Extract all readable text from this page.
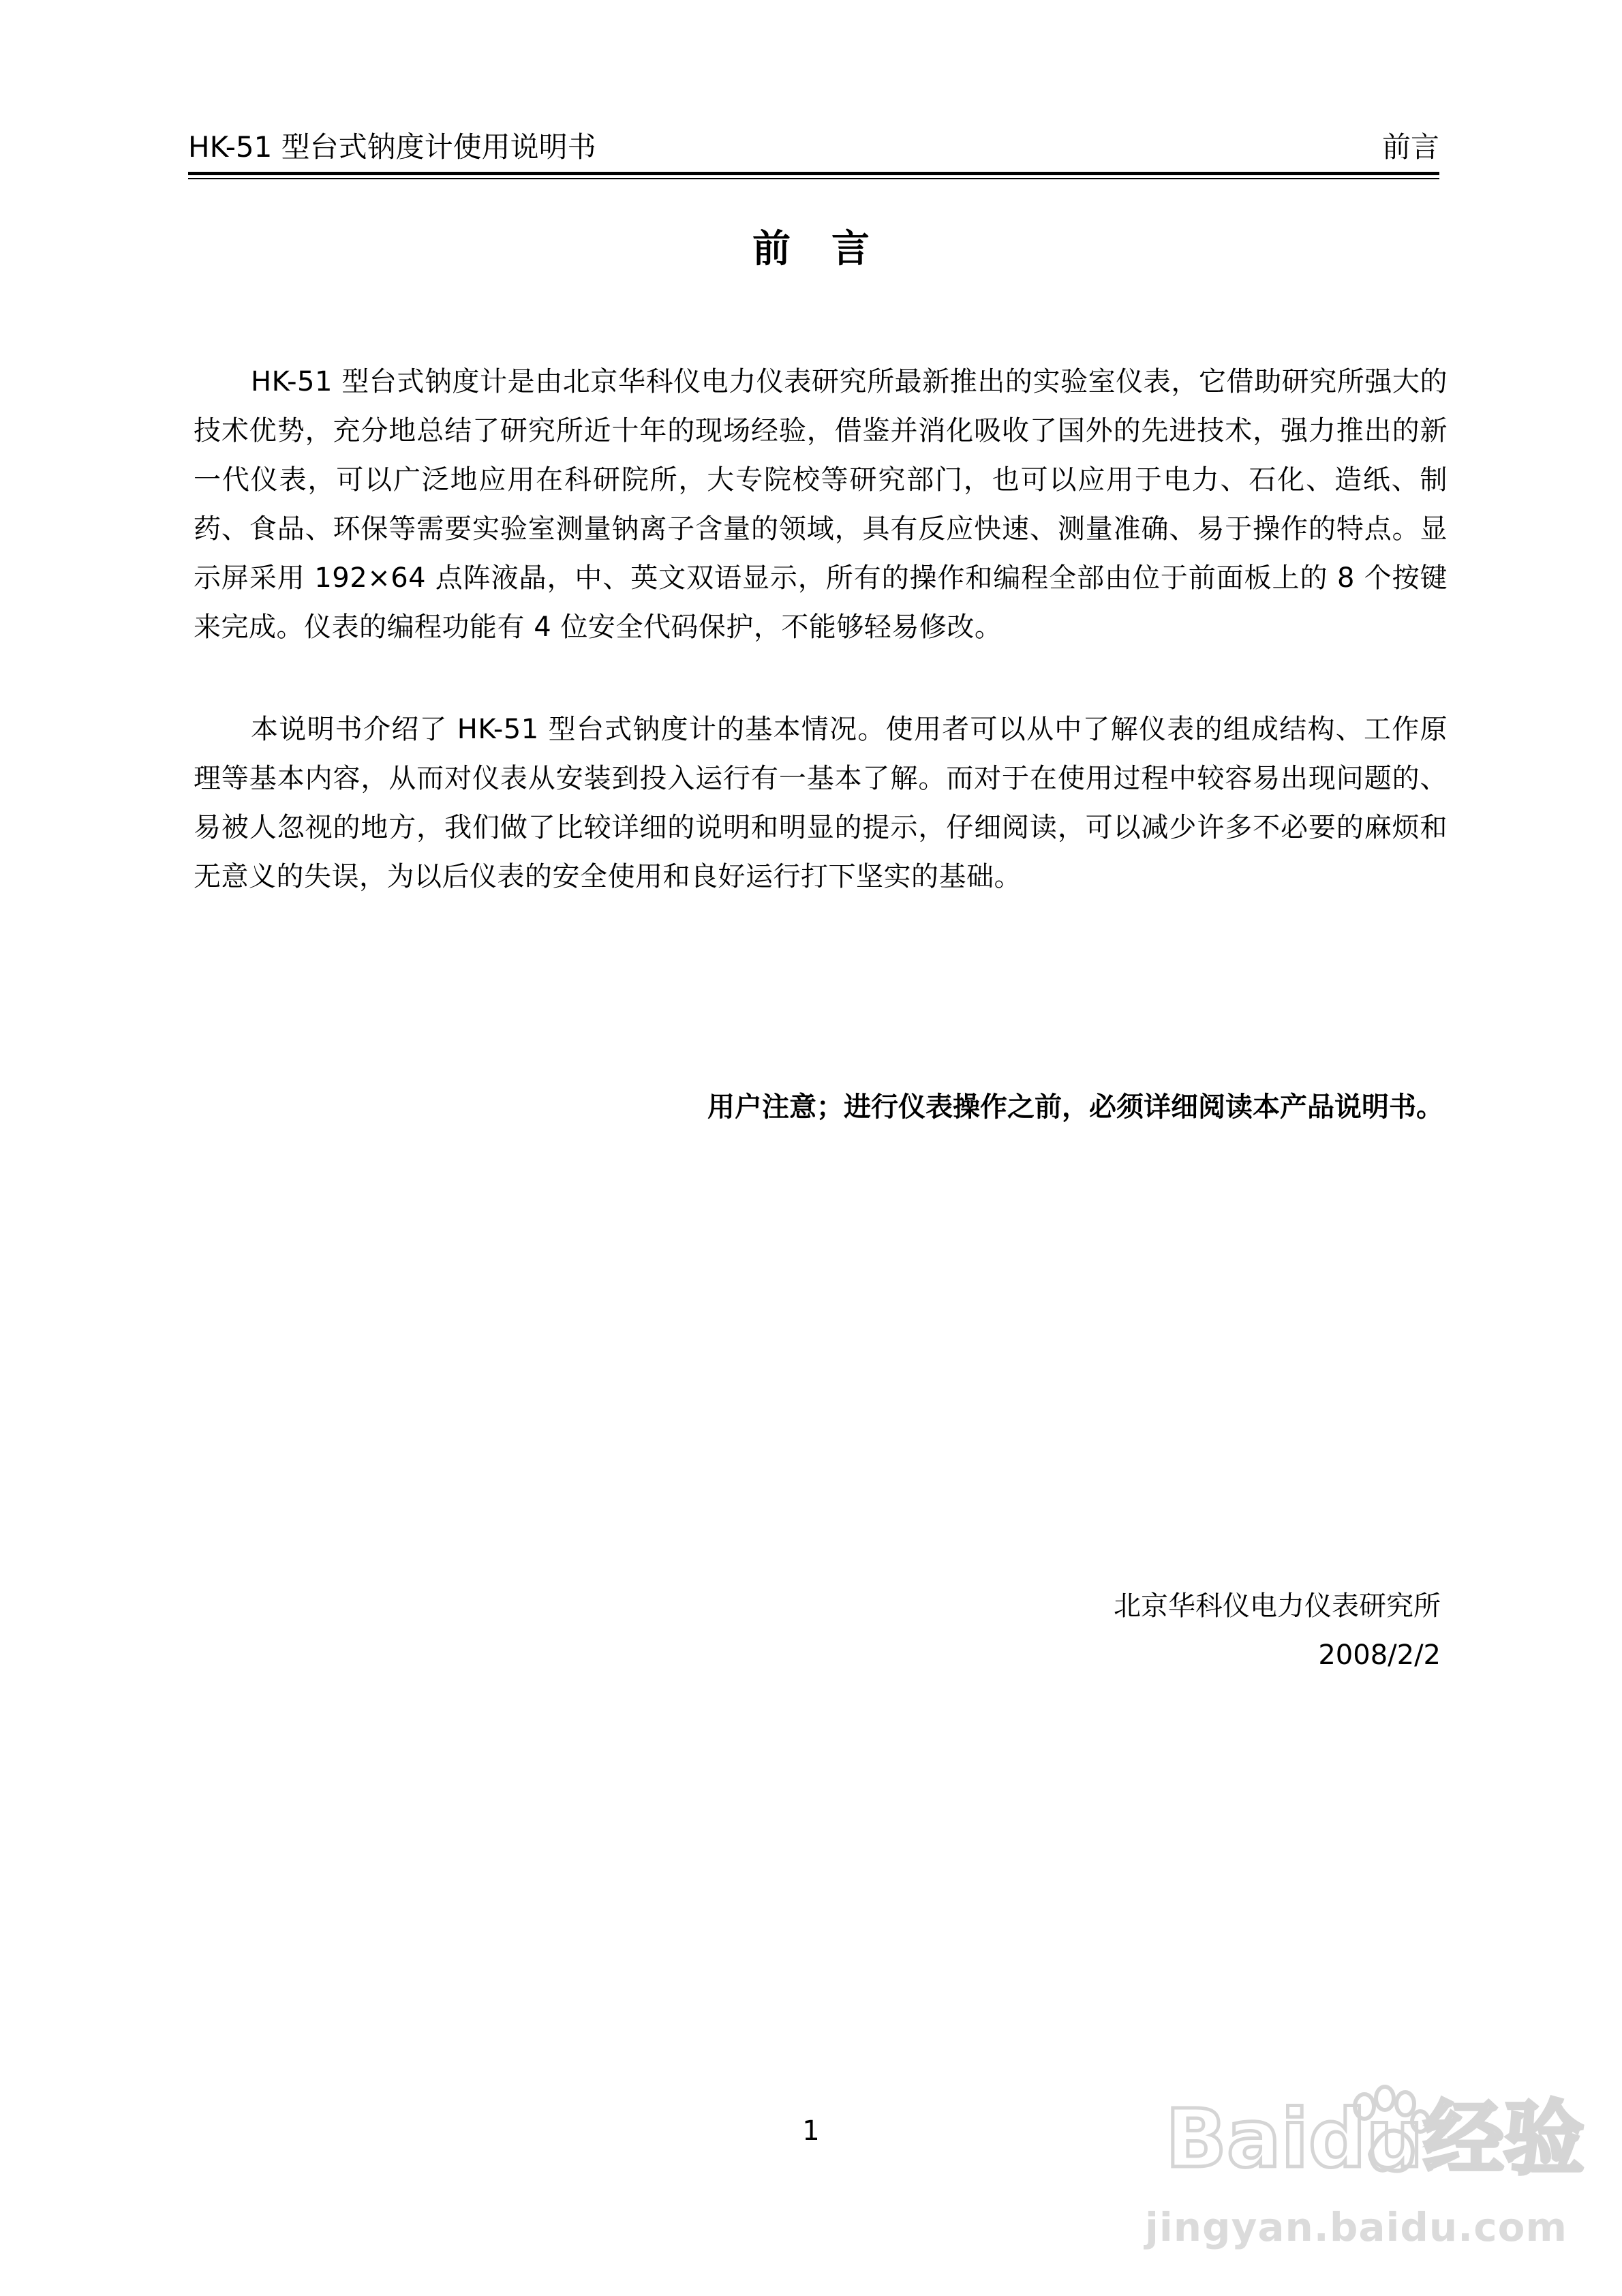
HK-51 型台式钠度计使用说明书	前言
前言
HK-51 型台式钠度计是由北京华科仪电力仪表研究所最新推出的实验室仪表，它借助研究所强大的技术优势，充分地总结了研究所近十年的现场经验，借鉴并消化吸收了国外的先进技术，强力推出的新一代仪表，可以广泛地应用在科研院所，大专院校等研究部门，也可以应用于电力、石化、造纸、制药、食品、环保等需要实验室测量钠离子含量的领域，具有反应快速、测量准确、易于操作的特点。显示屏采用 192×64 点阵液晶，中、英文双语显示，所有的操作和编程全部由位于前面板上的 8 个按键来完成。仪表的编程功能有 4 位安全代码保护，不能够轻易修改。
本说明书介绍了 HK-51 型台式钠度计的基本情况。使用者可以从中了解仪表的组成结构、工作原理等基本内容，从而对仪表从安装到投入运行有一基本了解。而对于在使用过程中较容易出现问题的、易被人忽视的地方，我们做了比较详细的说明和明显的提示，仔细阅读，可以减少许多不必要的麻烦和无意义的失误，为以后仪表的安全使用和良好运行打下坚实的基础。
用户注意；进行仪表操作之前，必须详细阅读本产品说明书。
北京华科仪电力仪表研究所
2008/2/2
1	Baidu经验
jingyan.baidu.com
